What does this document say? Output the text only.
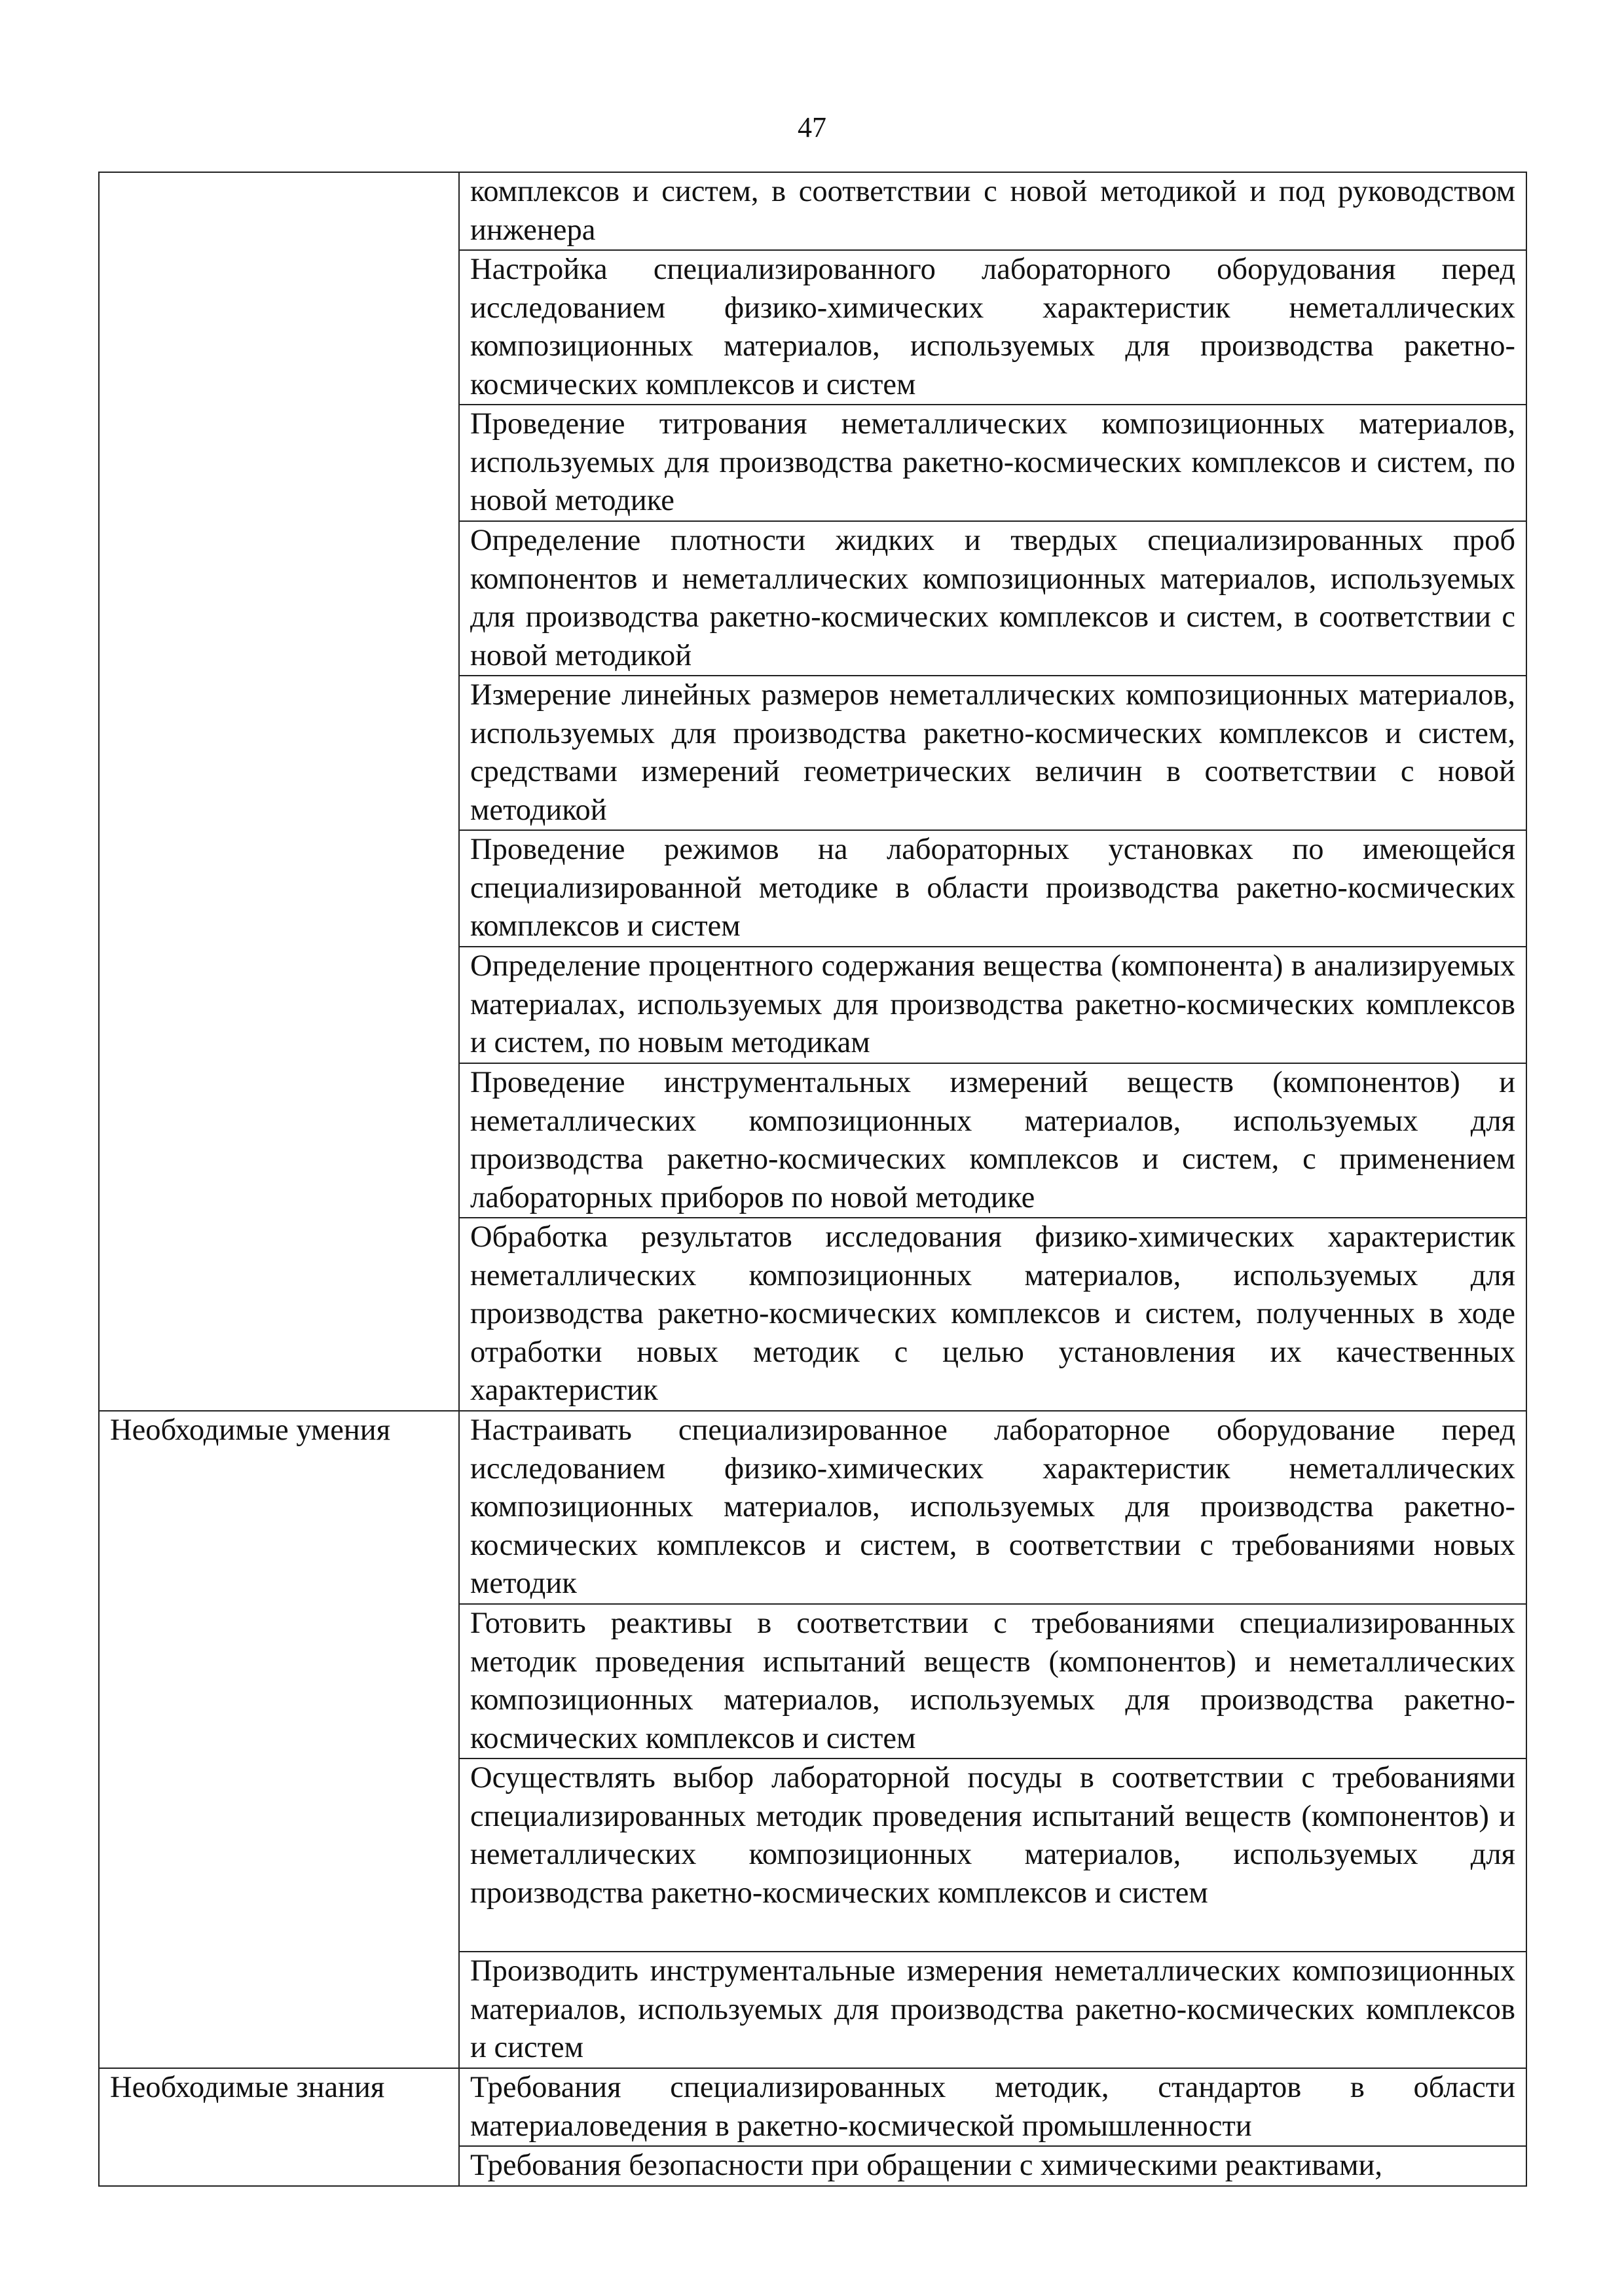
47

	комплексов и систем, в соответствии с новой методикой и под руководством инженера

	Настройка специализированного лабораторного оборудования перед исследованием физико-химических характеристик неметаллических композиционных материалов, используемых для производства ракетно-космических комплексов и систем

	Проведение титрования неметаллических композиционных материалов, используемых для производства ракетно-космических комплексов и систем, по новой методике

	Определение плотности жидких и твердых специализированных проб компонентов и неметаллических композиционных материалов, используемых для производства ракетно-космических комплексов и систем, в соответствии с новой методикой

	Измерение линейных размеров неметаллических композиционных материалов, используемых для производства ракетно-космических комплексов и систем, средствами измерений геометрических величин в соответствии с новой методикой

	Проведение режимов на лабораторных установках по имеющейся специализированной методике в области производства ракетно-космических комплексов и систем

	Определение процентного содержания вещества (компонента) в анализируемых материалах, используемых для производства ракетно-космических комплексов и систем, по новым методикам

	Проведение инструментальных измерений веществ (компонентов) и неметаллических композиционных материалов, используемых для производства ракетно-космических комплексов и систем, с применением лабораторных приборов по новой методике

	Обработка результатов исследования физико-химических характеристик неметаллических композиционных материалов, используемых для производства ракетно-космических комплексов и систем, полученных в ходе отработки новых методик с целью установления их качественных характеристик

Необходимые умения	Настраивать специализированное лабораторное оборудование перед исследованием физико-химических характеристик неметаллических композиционных материалов, используемых для производства ракетно-космических комплексов и систем, в соответствии с требованиями новых методик

	Готовить реактивы в соответствии с требованиями специализированных методик проведения испытаний веществ (компонентов) и неметаллических композиционных материалов, используемых для производства ракетно-космических комплексов и систем

	Осуществлять выбор лабораторной посуды в соответствии с требованиями специализированных методик проведения испытаний веществ (компонентов) и неметаллических композиционных материалов, используемых для производства ракетно-космических комплексов и систем

	Производить инструментальные измерения неметаллических композиционных материалов, используемых для производства ракетно-космических комплексов и систем

Необходимые знания	Требования специализированных методик, стандартов в области материаловедения в ракетно-космической промышленности

	Требования безопасности при обращении с химическими реактивами,
